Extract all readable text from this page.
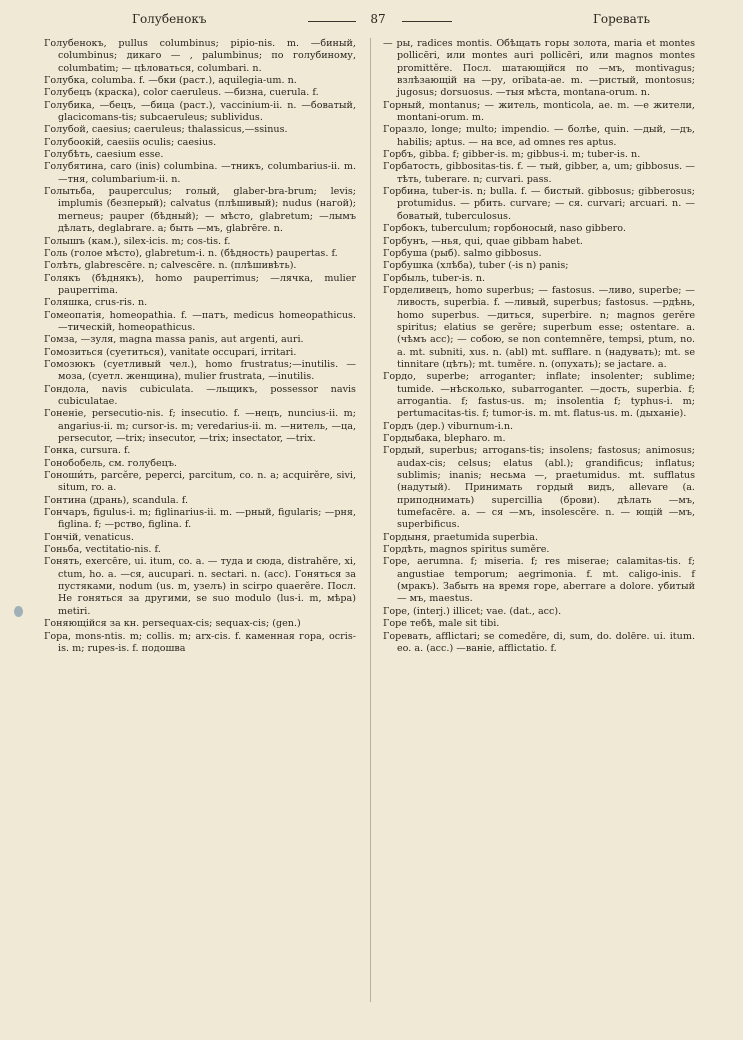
Голубенокъ	87	Горевать
Голубенокъ, pullus columbinus; pipio-nis. m. —биный, columbinus; дикаго — , palumbinus; по голубиному, columbatim; — цѣловаться, columbari. n.
Голубка, columba. f. —бки (раст.), aquilegia-um. n.
Голубецъ (краска), color caeruleus. —бизна, cuerula. f.
Голубика, —бецъ, —бица (раст.), vaccinium-ii. n. —боватый, glacicomans-tis; subcaeruleus; sublividus.
Голубой, caesius; caeruleus; thalassicus,—ssinus.
Голубоокій, caesiis oculis; caesius.
Голубѣть, caesium esse.
Голубятина, caro (inis) columbina. —тникъ, columbarius-ii. m. —тня, columbarium-ii. n.
Голытьба, pauperculus; голый, glaber-bra-brum; levis; implumis (безперый); calvatus (плѣшивый); nudus (нагой); merneus; pauper (бѣдный); — мѣсто, glabretum; —лымъ дѣлать, deglabrare. a; быть —мъ, glabrēre. n.
Голышъ (кам.), silex-icis. m; cos-tis. f.
Голь (голое мѣсто), glabretum-i. n. (бѣдность) paupertas. f.
Голѣть, glabrescēre. n; calvescēre. n. (плѣшивѣть).
Голякъ (бѣднякъ), homo pauperrimus; —лячка, mulier pauperrima.
Голяшка, crus-ris. n.
Гомеопатія, homeopathia. f. —патъ, medicus homeopathicus. —тическій, homeopathicus.
Гомза, —зуля, magna massa panis, aut argenti, auri.
Гомозиться (суетиться), vanitate occupari, irritari.
Гомозюкъ (суетливый чел.), homo frustratus;—inutilis. —моза, (суетл. женщина), mulier frustrata, —inutilis.
Гондола, navis cubiculata. —льщикъ, possessor navis cubiculatae.
Гоненіе, persecutio-nis. f; insecutio. f. —нецъ, nuncius-ii. m; angarius-ii. m; cursor-is. m; veredarius-ii. m. —нитель, —ца, persecutor, —trix; insecutor, —trix; insectator, —trix.
Гонка, cursura. f.
Гонобобель, см. голубецъ.
Гоноши́ть, parcĕre, peperci, parcitum, co. n. a; acquirĕre, sivi, situm, ro. a.
Гонтина (дрань), scandula. f.
Гончаръ, figulus-i. m; figlinarius-ii. m. —рный, figularis; —рня, figlina. f; —рство, figlina. f.
Гончій, venaticus.
Гоньба, vectitatio-nis. f.
Гонять, exercēre, ui. itum, co. a. — туда и сюда, distrahĕre, xi, ctum, ho. a. —ся, aucupari. n. sectari. n. (acc). Гоняться за пустяками, nodum (us. m, узелъ) in scirpo quaerĕre. Посл. Не гоняться за другими, se suo modulo (lus-i. m, мѣра) metiri.
Гоняющійся за кн. persequax-cis; sequax-cis; (gen.)
Гора, mons-ntis. m; collis. m; arx-cis. f. каменная гора, ocris-is. m; rupes-is. f. подошва
— ры, radices montis. Обѣщать горы золота, maria et montes pollicēri, или montes auri pollicēri, или magnos montes promittĕre. Посл. шатающійся по —мъ, montivagus; взлѣзающій на —ру, oribata-ae. m. —ристый, montosus; jugosus; dorsuosus. —тыя мѣста, montana-orum. n.
Горный, montanus; — житель, monticola, ae. m. —е жители, montani-orum. m.
Горазло, longe; multo; impendio. — болѣе, quin. —дый, —дъ, habilis; aptus. — на все, ad omnes res aptus.
Горбъ, gibba. f; gibber-is. m; gibbus-i. m; tuber-is. n.
Горбатость, gibbositas-tis. f. — тый, gibber, a, um; gibbosus. — тѣть, tuberare. n; curvari. pass.
Горбина, tuber-is. n; bulla. f. — бистый. gibbosus; gibberosus; protumidus. — рбить. curvare; — ся. curvari; arcuari. n. — боватый, tuberculosus.
Горбокъ, tuberculum; горбоносый, naso gibbero.
Горбунъ, —нья, qui, quae gibbam habet.
Горбуша (рыб). salmo gibbosus.
Горбушка (хлѣба), tuber (-is n) panis;
Горбыль, tuber-is. n.
Горделивецъ, homo superbus; — fastosus. —ливо, superbe; —ливость, superbia. f. —ливый, superbus; fastosus. —рдѣнь, homo superbus. —диться, superbire. n; magnos gerĕre spiritus; elatius se gerĕre; superbum esse; ostentare. a. (чѣмъ acc); — собою, se non contemnĕre, tempsi, ptum, no. a. mt. subniti, xus. n. (abl) mt. sufflare. n (надувать); mt. se tinnitare (цѣть); mt. tumĕre. n. (опухать); se jactare. a.
Гордо, superbe; arroganter; inflate; insolenter; sublime; tumide. —нѣсколько, subarroganter. —дость, superbia. f; arrogantia. f; fastus-us. m; insolentia f; typhus-i. m; pertumacitas-tis. f; tumor-is. m. mt. flatus-us. m. (дыханіе).
Гордъ (дер.) viburnum-i.n.
Гордыбака, blepharo. m.
Гордый, superbus; arrogans-tis; insolens; fastosus; animosus; audax-cis; celsus; elatus (abl.); grandificus; inflatus; sublimis; inanis; несьма —, praetumidus. mt. sufflatus (надутый). Принимать гордый видъ, allevare (a. приподнимать) supercillia (брови). дѣлать —мъ, tumefacēre. a. — ся —мъ, insolescĕre. n. — ющій —мъ, superbificus.
Гордыня, praetumida superbia.
Гордѣть, magnos spiritus sumĕre.
Горе, aerumna. f; miseria. f; res miserae; calamitas-tis. f; angustiae temporum; aegrimonia. f. mt. caligo-inis. f (мракъ). Забыть на время горе, aberrare a dolore. убитый — мъ, maestus.
Горе, (interj.) illicet; vae. (dat., acc).
Горе тебѣ, male sit tibi.
Горевать, afflictari; se comedĕre, di, sum, do. dolēre. ui. itum. eo. a. (acc.) —ваніе, afflictatio. f.
